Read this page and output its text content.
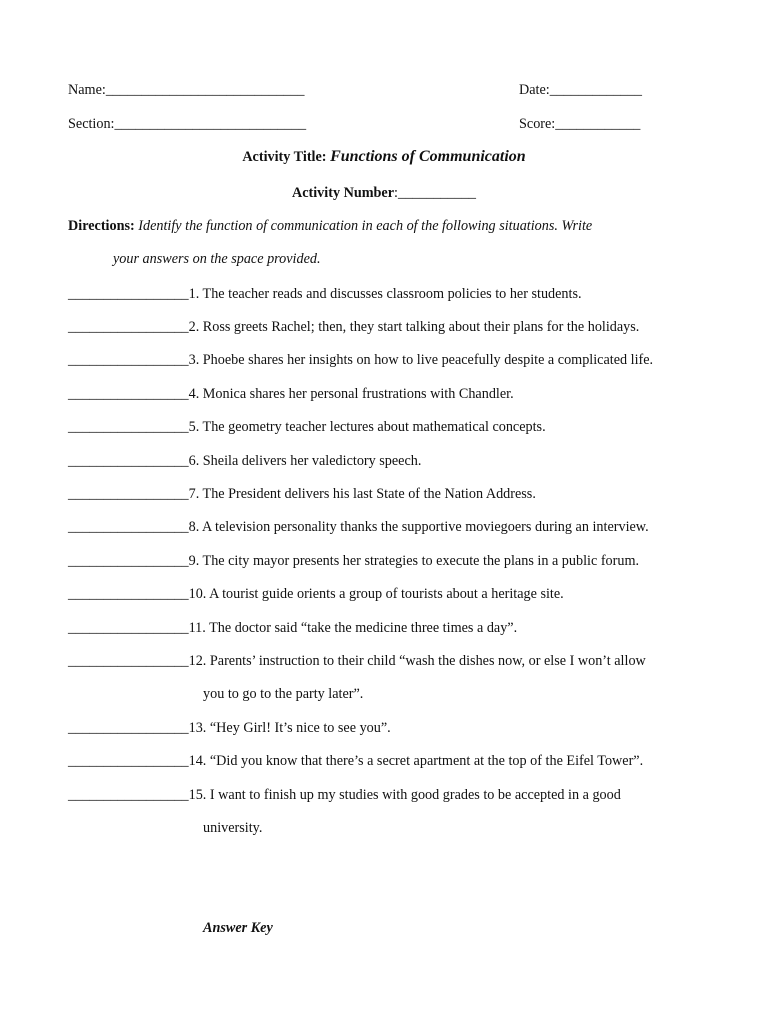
Name:____________________________	Date:_____________
Section:___________________________	Score:____________
Activity Title: Functions of Communication
Activity Number:___________
Directions: Identify the function of communication in each of the following situations. Write
your answers on the space provided.
_________________1. The teacher reads and discusses classroom policies to her students.
_________________2. Ross greets Rachel; then, they start talking about their plans for the holidays.
_________________3. Phoebe shares her insights on how to live peacefully despite a complicated life.
_________________4. Monica shares her personal frustrations with Chandler.
_________________5. The geometry teacher lectures about mathematical concepts.
_________________6. Sheila delivers her valedictory speech.
_________________7. The President delivers his last State of the Nation Address.
_________________8. A television personality thanks the supportive moviegoers during an interview.
_________________9. The city mayor presents her strategies to execute the plans in a public forum.
_________________10. A tourist guide orients a group of tourists about a heritage site.
_________________11. The doctor said “take the medicine three times a day”.
_________________12. Parents’ instruction to their child “wash the dishes now, or else I won’t allow
you to go to the party later”.
_________________13. “Hey Girl! It’s nice to see you”.
_________________14. “Did you know that there’s a secret apartment at the top of the Eifel Tower”.
_________________15. I want to finish up my studies with good grades to be accepted in a good
university.
Answer Key
